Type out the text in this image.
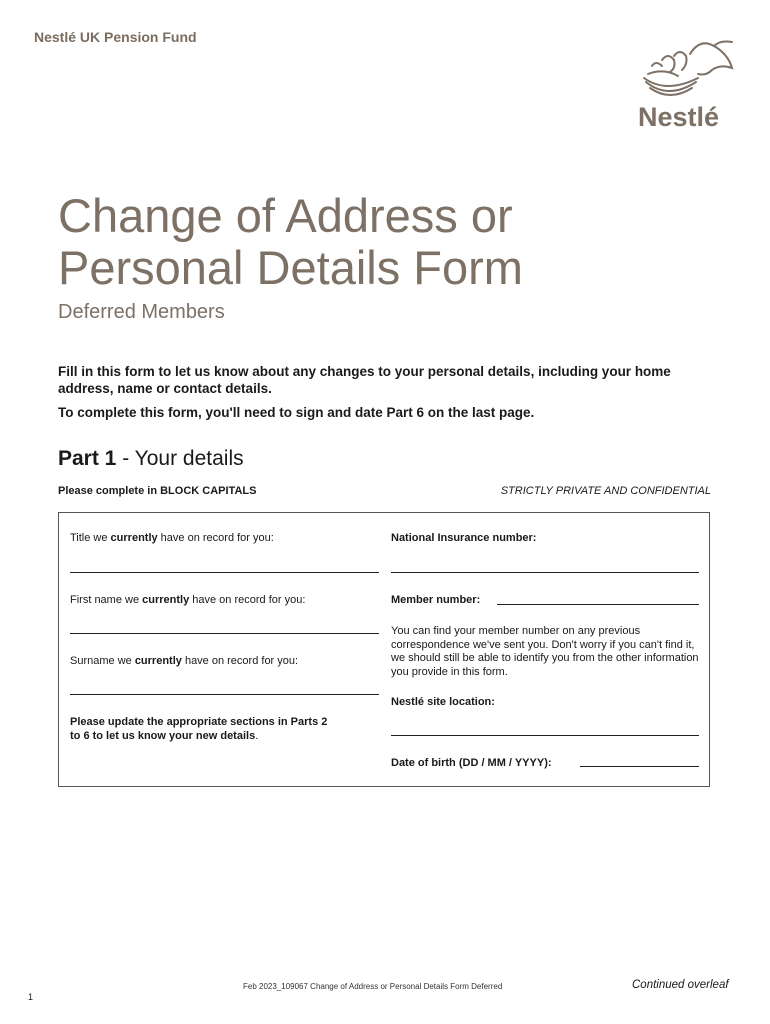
Nestlé UK Pension Fund
Nestlé
Change of Address or
Personal Details Form
Deferred Members
Fill in this form to let us know about any changes to your personal details, including your home address, name or contact details.
To complete this form, you'll need to sign and date Part 6 on the last page.
Part 1 - Your details
Please complete in BLOCK CAPITALS	STRICTLY PRIVATE AND CONFIDENTIAL
Title we currently have on record for you:
First name we currently have on record for you:
Surname we currently have on record for you:
Please update the appropriate sections in Parts 2 to 6 to let us know your new details.
National Insurance number:
Member number:
You can find your member number on any previous correspondence we've sent you. Don't worry if you can't find it, we should still be able to identify you from the other information you provide in this form.
Nestlé site location:
Date of birth (DD / MM / YYYY):
Feb 2023_109067 Change of Address or Personal Details Form Deferred	Continued overleaf
1
